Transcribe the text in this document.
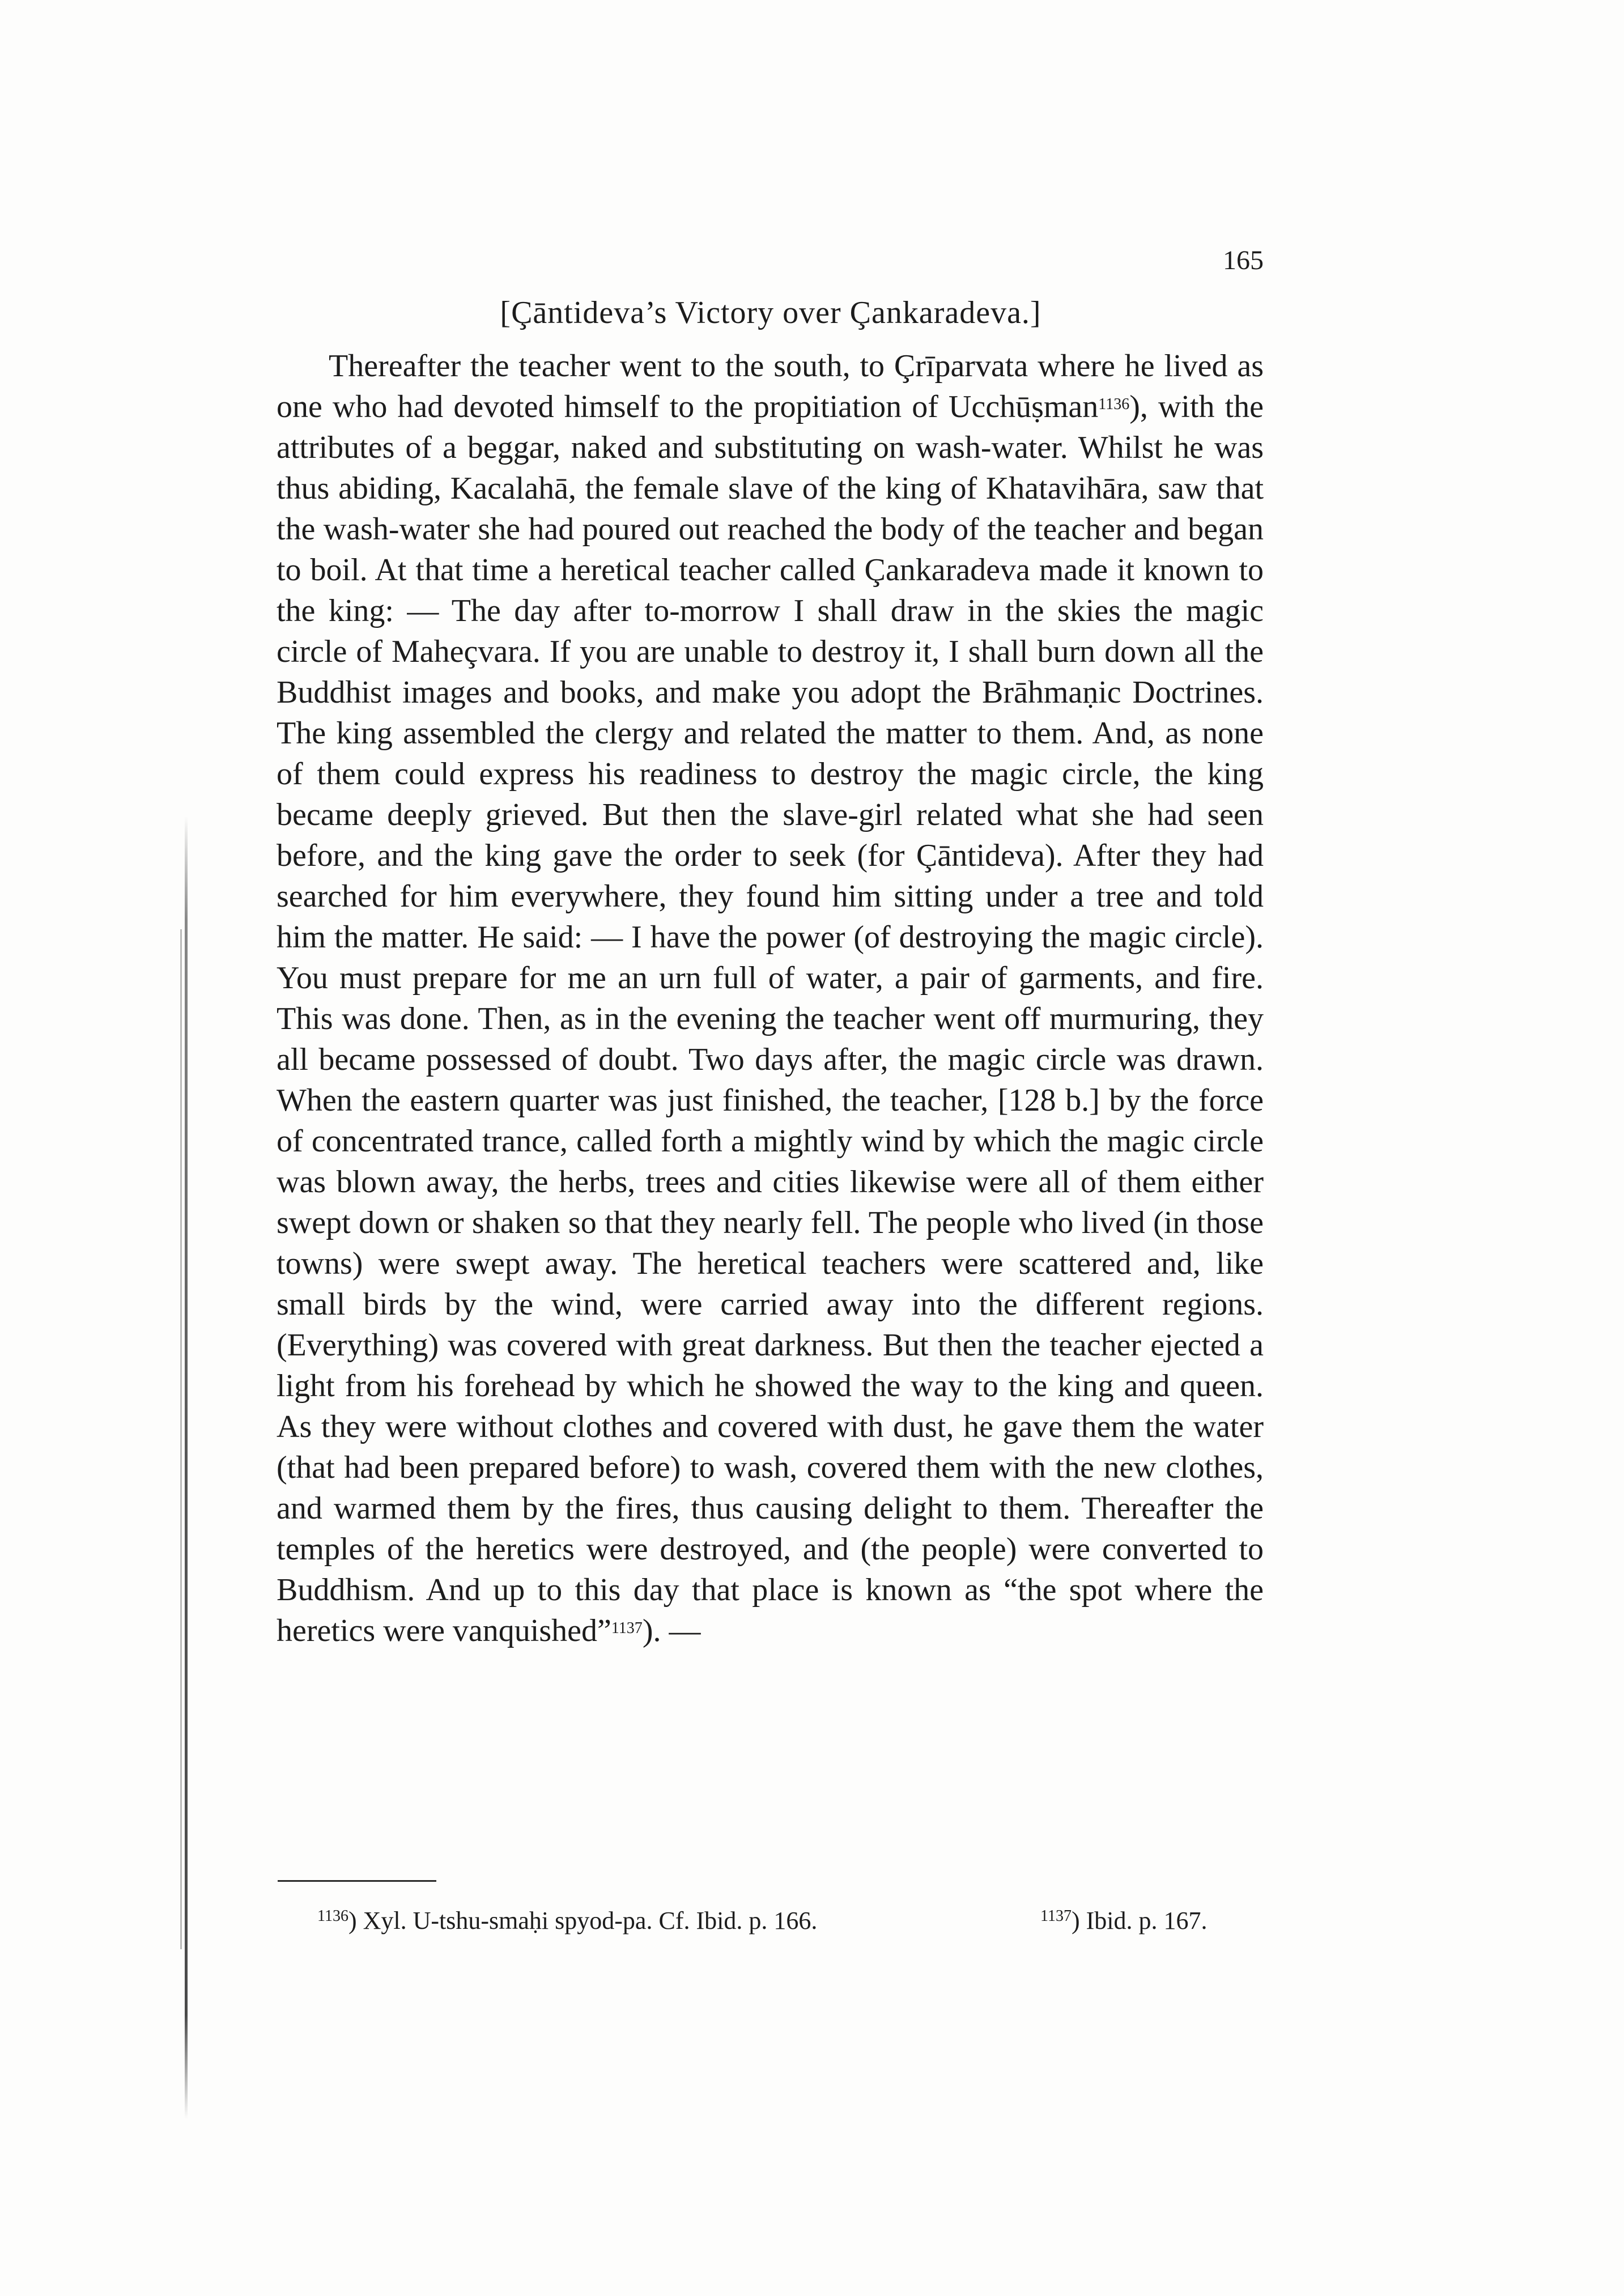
165
[Çāntideva’s Victory over Çankaradeva.]

Thereafter the teacher went to the south, to Çrīparvata where he lived as one who had devoted himself to the propitiation of Ucchūṣman$^{1136}$), with the attributes of a beggar, naked and substituting on wash-water. Whilst he was thus abiding, Kacalahā, the female slave of the king of Khatavihāra, saw that the wash-water she had poured out reached the body of the teacher and began to boil. At that time a heretical teacher called Çankaradeva made it known to the king: — The day after to-morrow I shall draw in the skies the magic circle of Maheçvara. If you are unable to destroy it, I shall burn down all the Buddhist images and books, and make you adopt the Brāhmaṇic Doctrines. The king assembled the clergy and related the matter to them. And, as none of them could express his readiness to destroy the magic circle, the king became deeply grieved. But then the slave-girl related what she had seen before, and the king gave the order to seek (for Çāntideva). After they had searched for him everywhere, they found him sitting under a tree and told him the matter. He said: — I have the power (of destroying the magic circle). You must prepare for me an urn full of water, a pair of garments, and fire. This was done. Then, as in the evening the teacher went off murmuring, they all became possessed of doubt. Two days after, the magic circle was drawn. When the eastern quarter was just finished, the teacher, [128 b.] by the force of concentrated trance, called forth a mightly wind by which the magic circle was blown away, the herbs, trees and cities likewise were all of them either swept down or shaken so that they nearly fell. The people who lived (in those towns) were swept away. The heretical teachers were scattered and, like small birds by the wind, were carried away into the different regions. (Everything) was covered with great darkness. But then the teacher ejected a light from his forehead by which he showed the way to the king and queen. As they were without clothes and covered with dust, he gave them the water (that had been prepared before) to wash, covered them with the new clothes, and warmed them by the fires, thus causing delight to them. Thereafter the temples of the heretics were destroyed, and (the people) were converted to Buddhism. And up to this day that place is known as “the spot where the heretics were vanquished”$^{1137}$). —

$^{1136}$) Xyl. U-tshu-smaḥi spyod-pa. Cf. Ibid. p. 166.	$^{1137}$) Ibid. p. 167.
